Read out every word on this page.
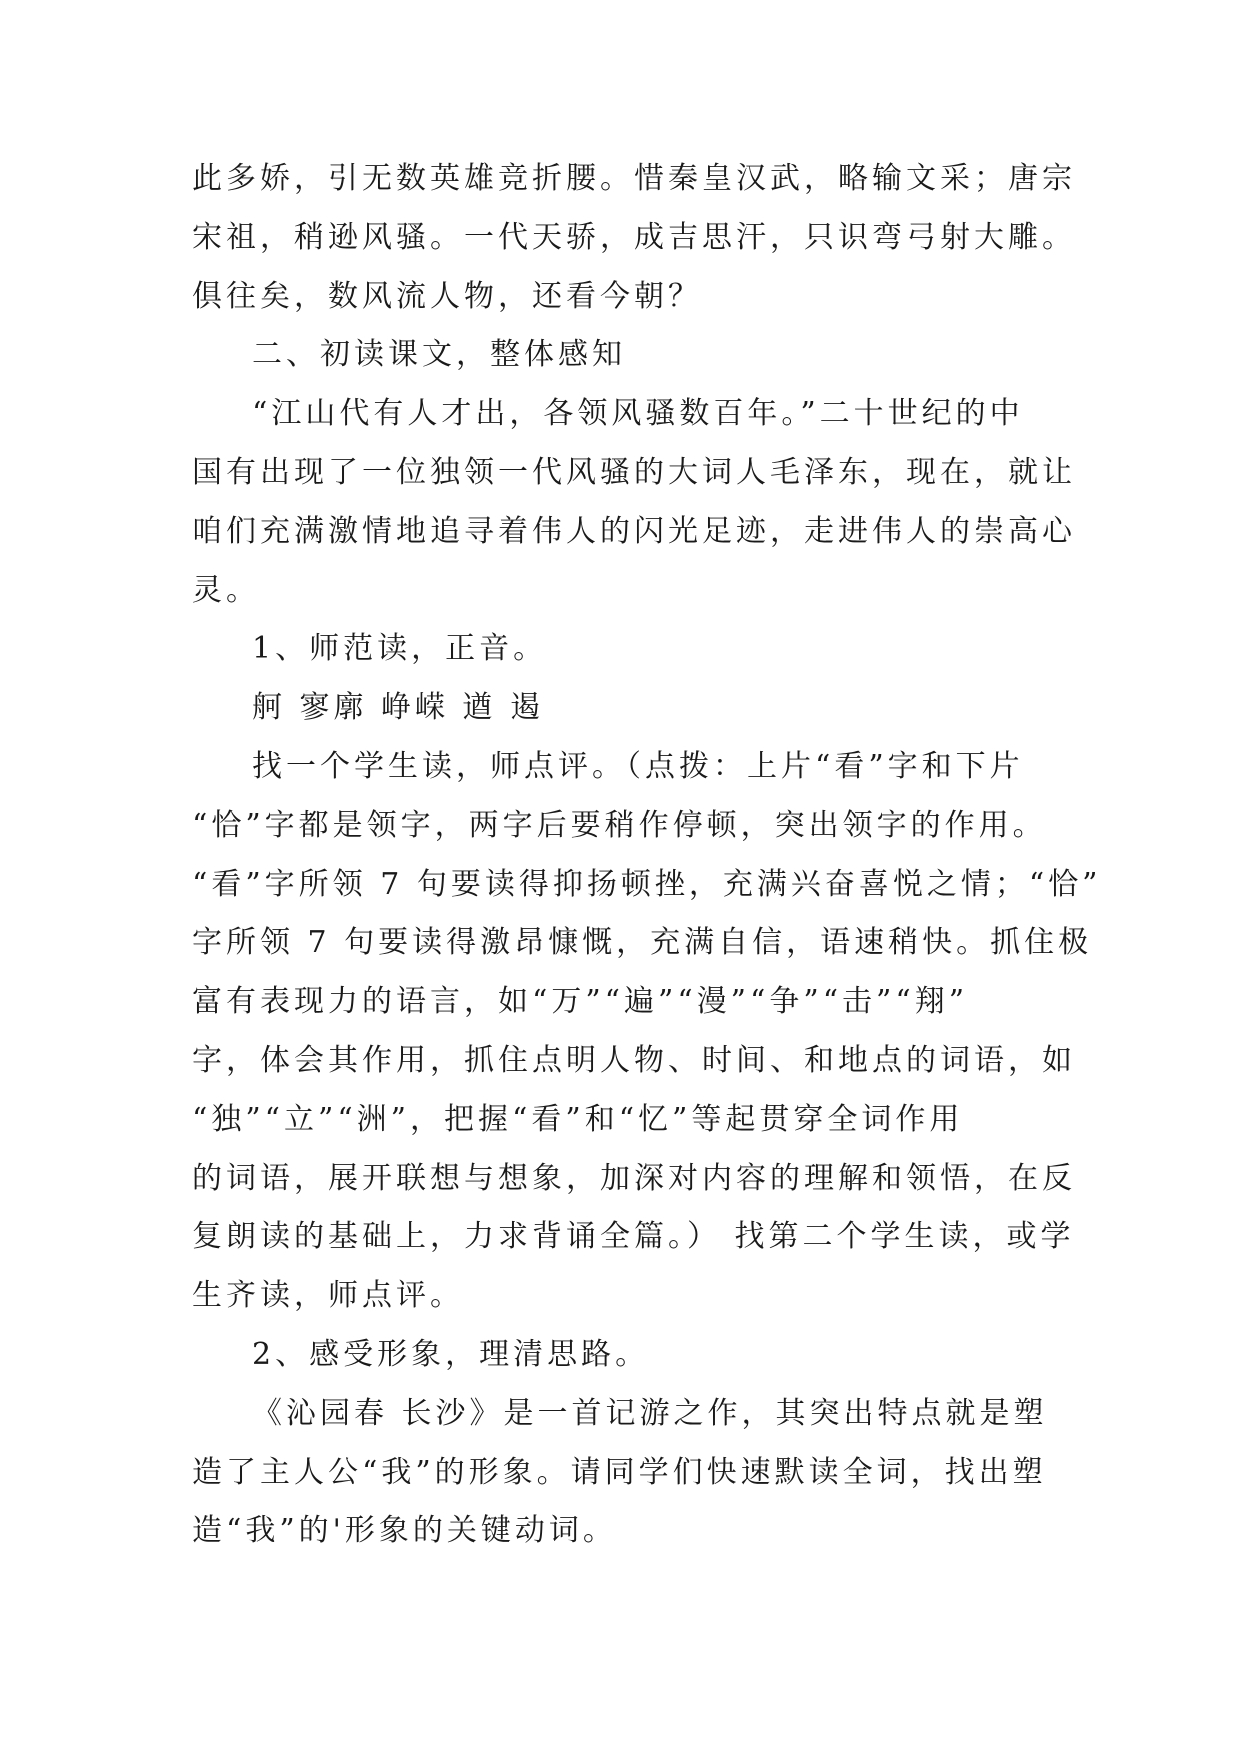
此多娇，引无数英雄竞折腰。惜秦皇汉武，略输文采；唐宗

宋祖，稍逊风骚。一代天骄，成吉思汗，只识弯弓射大雕。

俱往矣，数风流人物，还看今朝？

二、初读课文，整体感知

“江山代有人才出，各领风骚数百年。”二十世纪的中

国有出现了一位独领一代风骚的大词人毛泽东，现在，就让

咱们充满激情地追寻着伟人的闪光足迹，走进伟人的崇高心

灵。

1、师范读，正音。

舸 寥廓 峥嵘 遒 遏

找一个学生读，师点评。（点拨：上片“看”字和下片

“恰”字都是领字，两字后要稍作停顿，突出领字的作用。

“看”字所领 7 句要读得抑扬顿挫，充满兴奋喜悦之情；“恰”

字所领 7 句要读得激昂慷慨，充满自信，语速稍快。抓住极

富有表现力的语言，如“万”“遍”“漫”“争”“击”“翔”

字，体会其作用，抓住点明人物、时间、和地点的词语，如

“独”“立”“洲”，把握“看”和“忆”等起贯穿全词作用

的词语，展开联想与想象，加深对内容的理解和领悟，在反

复朗读的基础上，力求背诵全篇。） 找第二个学生读，或学

生齐读，师点评。

2、感受形象，理清思路。

《沁园春 长沙》是一首记游之作，其突出特点就是塑

造了主人公“我”的形象。请同学们快速默读全词，找出塑

造“我”的'形象的关键动词。
